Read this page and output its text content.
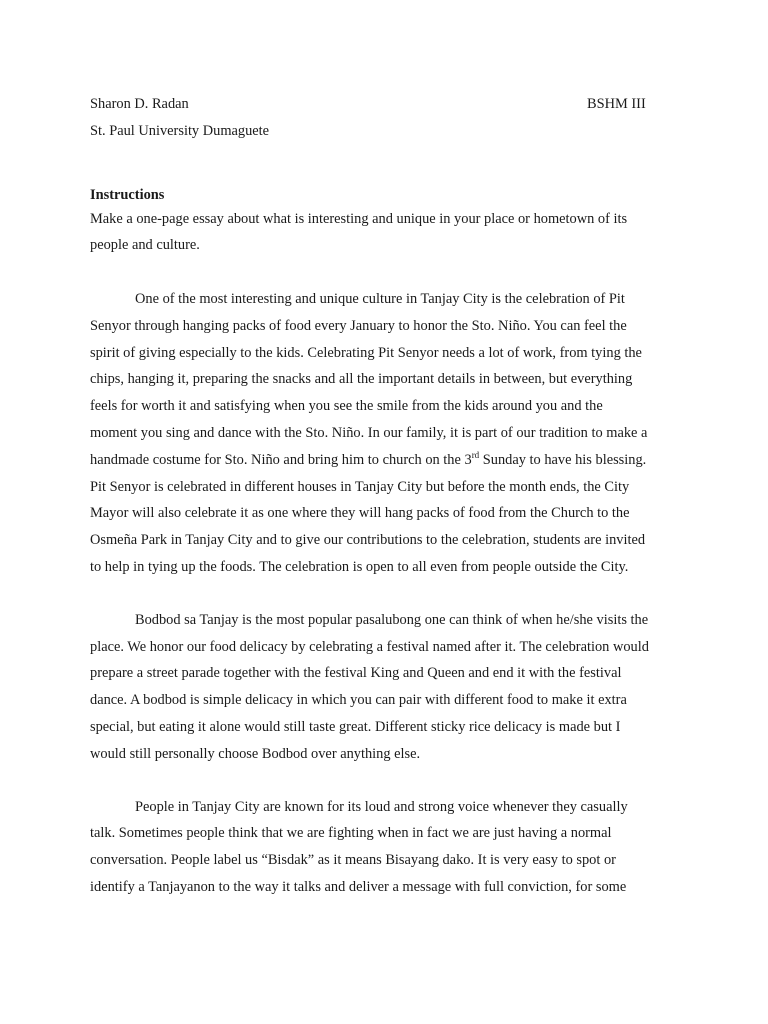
Sharon D. Radan	BSHM III
St. Paul University Dumaguete
Instructions
Make a one-page essay about what is interesting and unique in your place or hometown of its
people and culture.
One of the most interesting and unique culture in Tanjay City is the celebration of Pit
Senyor through hanging packs of food every January to honor the Sto. Niño. You can feel the
spirit of giving especially to the kids. Celebrating Pit Senyor needs a lot of work, from tying the
chips, hanging it, preparing the snacks and all the important details in between, but everything
feels for worth it and satisfying when you see the smile from the kids around you and the
moment you sing and dance with the Sto. Niño. In our family, it is part of our tradition to make a
handmade costume for Sto. Niño and bring him to church on the 3rd Sunday to have his blessing.
Pit Senyor is celebrated in different houses in Tanjay City but before the month ends, the City
Mayor will also celebrate it as one where they will hang packs of food from the Church to the
Osmeña Park in Tanjay City and to give our contributions to the celebration, students are invited
to help in tying up the foods. The celebration is open to all even from people outside the City.
Bodbod sa Tanjay is the most popular pasalubong one can think of when he/she visits the
place. We honor our food delicacy by celebrating a festival named after it. The celebration would
prepare a street parade together with the festival King and Queen and end it with the festival
dance. A bodbod is simple delicacy in which you can pair with different food to make it extra
special, but eating it alone would still taste great. Different sticky rice delicacy is made but I
would still personally choose Bodbod over anything else.
People in Tanjay City are known for its loud and strong voice whenever they casually
talk. Sometimes people think that we are fighting when in fact we are just having a normal
conversation. People label us “Bisdak” as it means Bisayang dako. It is very easy to spot or
identify a Tanjayanon to the way it talks and deliver a message with full conviction, for some
